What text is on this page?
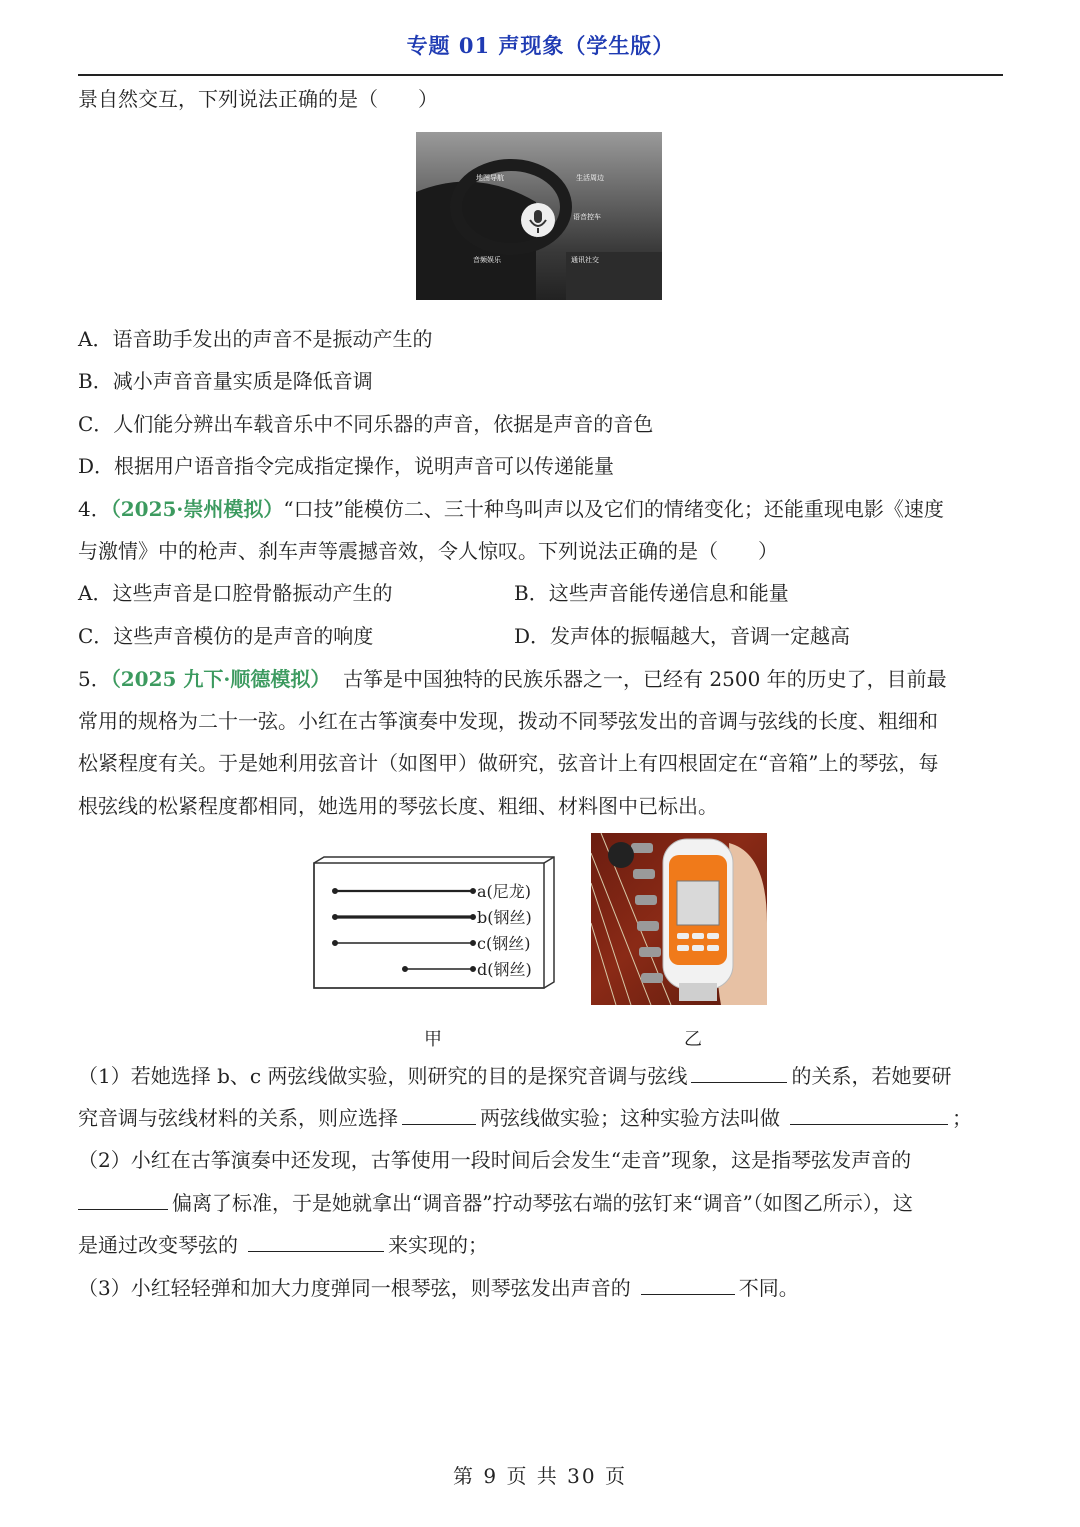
专题 01 声现象（学生版）
景自然交互，下列说法正确的是（　　）
地图导航	生活周边
语音控车
通讯社交
音频娱乐
A．语音助手发出的声音不是振动产生的
B．减小声音音量实质是降低音调
C．人们能分辨出车载音乐中不同乐器的声音，依据是声音的音色
D．根据用户语音指令完成指定操作，说明声音可以传递能量
4．（2025·崇州模拟）“口技”能模仿二、三十种鸟叫声以及它们的情绪变化；还能重现电影《速度
与激情》中的枪声、刹车声等震撼音效，令人惊叹。下列说法正确的是（　　）
A．这些声音是口腔骨骼振动产生的	B．这些声音能传递信息和能量
C．这些声音模仿的是声音的响度	D．发声体的振幅越大，音调一定越高
5．（2025 九下·顺德模拟） 古筝是中国独特的民族乐器之一，已经有 2500 年的历史了，目前最
常用的规格为二十一弦。小红在古筝演奏中发现，拨动不同琴弦发出的音调与弦线的长度、粗细和
松紧程度有关。于是她利用弦音计（如图甲）做研究，弦音计上有四根固定在“音箱”上的琴弦，每
根弦线的松紧程度都相同，她选用的琴弦长度、粗细、材料图中已标出。
a(尼龙)
b(钢丝)
c(钢丝)
d(钢丝)
甲	乙
（1）若她选择 b、c 两弦线做实验，则研究的目的是探究音调与弦线	的关系，若她要研
究音调与弦线材料的关系，则应选择	两弦线做实验；这种实验方法叫做	；
（2）小红在古筝演奏中还发现，古筝使用一段时间后会发生“走音”现象，这是指琴弦发声音的
偏离了标准，于是她就拿出“调音器”拧动琴弦右端的弦钉来“调音”（如图乙所示），这
是通过改变琴弦的	来实现的；
（3）小红轻轻弹和加大力度弹同一根琴弦，则琴弦发出声音的	不同。
第 9 页 共 30 页
